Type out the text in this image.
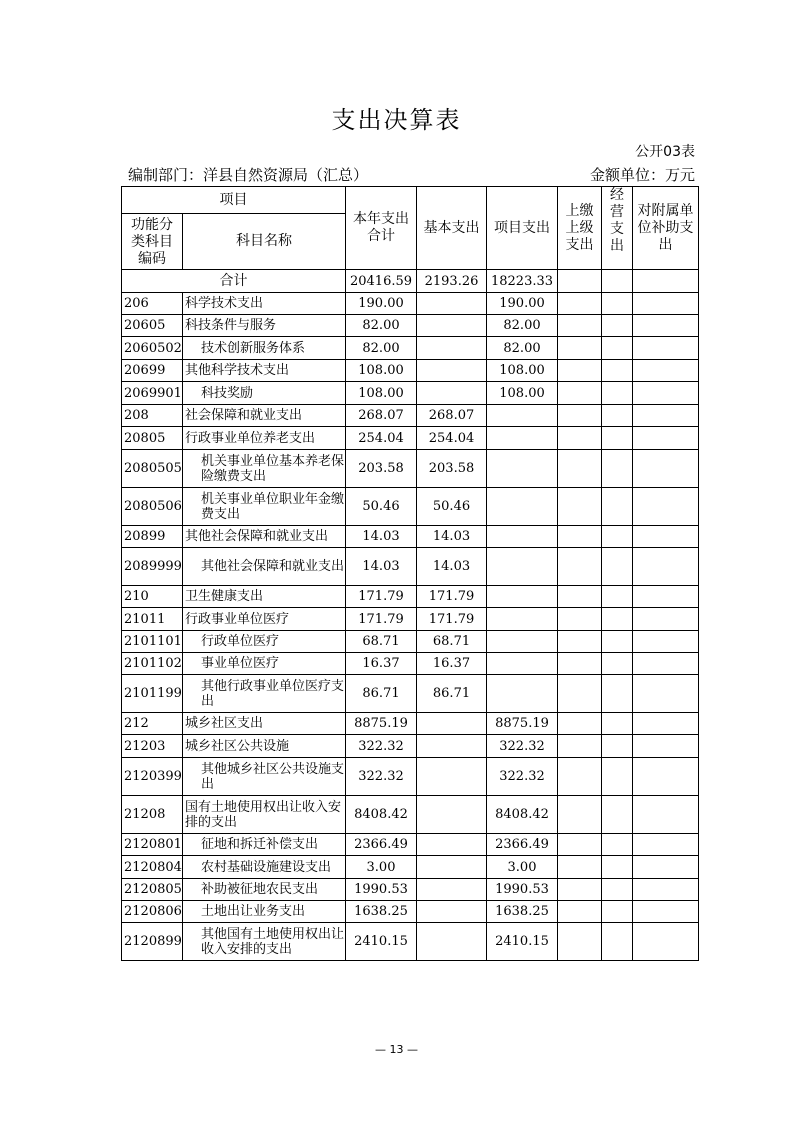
支出决算表
公开03表
编制部门：洋县自然资源局（汇总）	金额单位：万元
项目		本年支出合计	基本支出	项目支出	上缴上级支出	经营支出	对附属单位补助支出

功能分类科目编码	科目名称						
合计		20416.59	2193.26	18223.33			
206	科学技术支出	190.00		190.00			
20605	科技条件与服务	82.00		82.00			
2060502	技术创新服务体系	82.00		82.00			
20699	其他科学技术支出	108.00		108.00			
2069901	科技奖励	108.00		108.00			
208	社会保障和就业支出	268.07	268.07				
20805	行政事业单位养老支出	254.04	254.04				
2080505	机关事业单位基本养老保险缴费支出	203.58	203.58				
2080506	机关事业单位职业年金缴费支出	50.46	50.46				
20899	其他社会保障和就业支出	14.03	14.03				
2089999	其他社会保障和就业支出	14.03	14.03				
210	卫生健康支出	171.79	171.79				
21011	行政事业单位医疗	171.79	171.79				
2101101	行政单位医疗	68.71	68.71				
2101102	事业单位医疗	16.37	16.37				
2101199	其他行政事业单位医疗支出	86.71	86.71				
212	城乡社区支出	8875.19		8875.19			
21203	城乡社区公共设施	322.32		322.32			
2120399	其他城乡社区公共设施支出	322.32		322.32			
21208	国有土地使用权出让收入安排的支出	8408.42		8408.42			
2120801	征地和拆迁补偿支出	2366.49		2366.49			
2120804	农村基础设施建设支出	3.00		3.00			
2120805	补助被征地农民支出	1990.53		1990.53			
2120806	土地出让业务支出	1638.25		1638.25			
2120899	其他国有土地使用权出让收入安排的支出	2410.15		2410.15			
— 13 —
